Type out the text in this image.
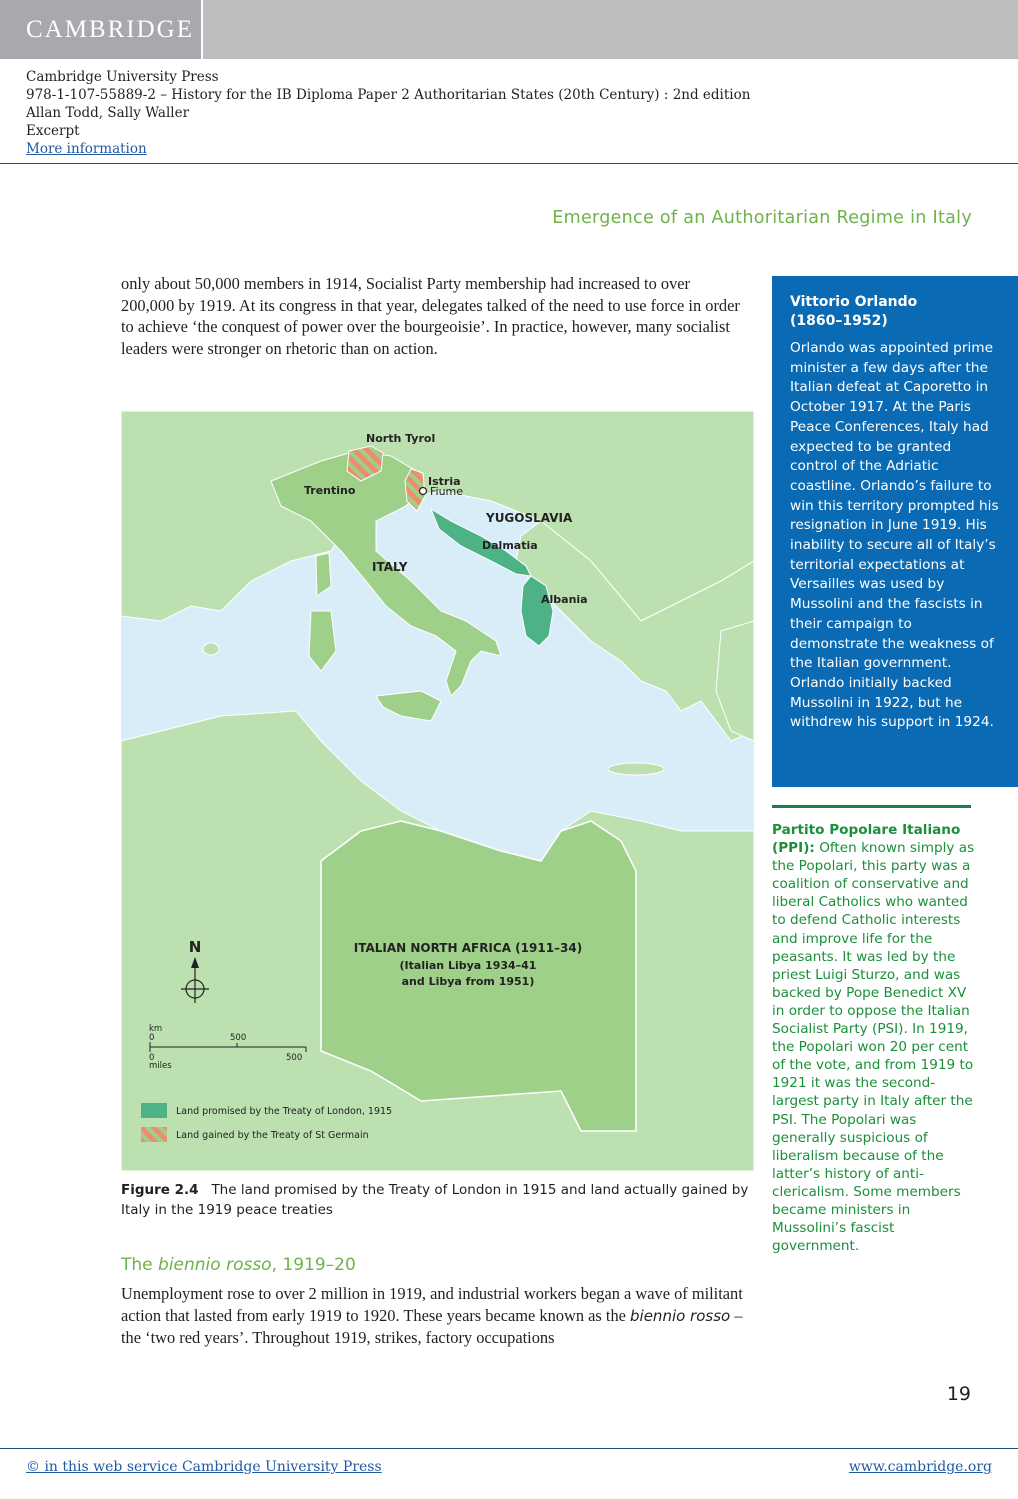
CAMBRIDGE
Cambridge University Press
978-1-107-55889-2 – History for the IB Diploma Paper 2 Authoritarian States (20th Century) : 2nd edition
Allan Todd, Sally Waller
Excerpt
More information
Emergence of an Authoritarian Regime in Italy
only about 50,000 members in 1914, Socialist Party membership had increased to over 200,000 by 1919. At its congress in that year, delegates talked of the need to use force in order to achieve ‘the conquest of power over the bourgeoisie’. In practice, however, many socialist leaders were stronger on rhetoric than on action.
Vittorio Orlando
(1860–1952)

Orlando was appointed prime minister a few days after the Italian defeat at Caporetto in October 1917. At the Paris Peace Conferences, Italy had expected to be granted control of the Adriatic coastline. Orlando’s failure to win this territory prompted his resignation in June 1919. His inability to secure all of Italy’s territorial expectations at Versailles was used by Mussolini and the fascists in their campaign to demonstrate the weakness of the Italian government. Orlando initially backed Mussolini in 1922, but he withdrew his support in 1924.

Partito Popolare Italiano (PPI): Often known simply as the Popolari, this party was a coalition of conservative and liberal Catholics who wanted to defend Catholic interests and improve life for the peasants. It was led by the priest Luigi Sturzo, and was backed by Pope Benedict XV in order to oppose the Italian Socialist Party (PSI). In 1919, the Popolari won 20 per cent of the vote, and from 1919 to 1921 it was the second-largest party in Italy after the PSI. The Popolari was generally suspicious of liberalism because of the latter’s history of anti-clericalism. Some members became ministers in Mussolini’s fascist government.
North Tyrol
Trentino
Istria
Fiume
YUGOSLAVIA
Dalmatia
ITALY
Albania
ITALIAN NORTH AFRICA (1911–34)
(Italian Libya 1934–41
and Libya from 1951)
N
km
0	500
0	500
miles
Land promised by the Treaty of London, 1915
Land gained by the Treaty of St Germain
Figure 2.4 The land promised by the Treaty of London in 1915 and land actually gained by Italy in the 1919 peace treaties
The biennio rosso, 1919–20
Unemployment rose to over 2 million in 1919, and industrial workers began a wave of militant action that lasted from early 1919 to 1920. These years became known as the biennio rosso – the ‘two red years’. Throughout 1919, strikes, factory occupations
19
© in this web service Cambridge University Press	www.cambridge.org
